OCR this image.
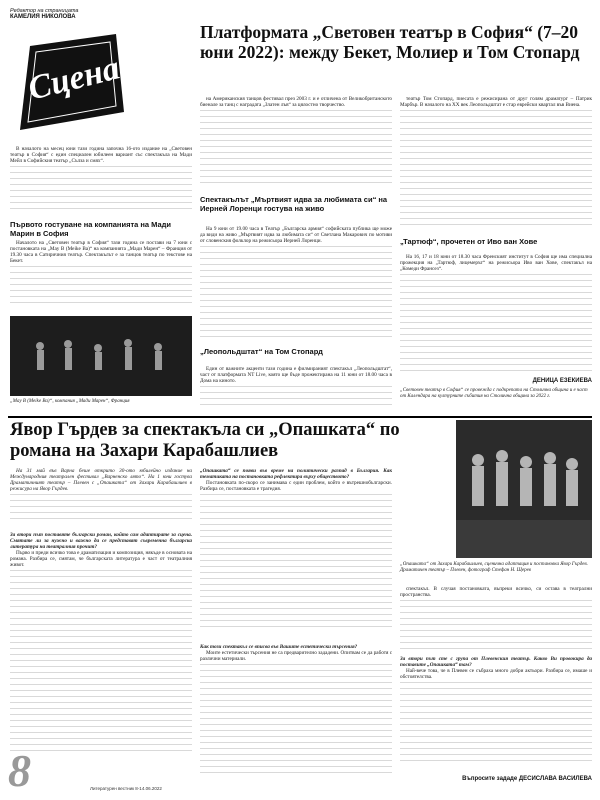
Редактор на страницата
КАМЕЛИЯ НИКОЛОВА
Сцена
Платформата „Световен театър в София“ (7–20 юни 2022): между Бекет, Молиер и Том Стопард

В началото на месец юни тази година започна 16-ото издание на „Световен театър в София“ с един специален юбилеен вариант със спектакъла на Мади Мейл в Софийския театър „Сълза и смях“.

Първото гостуване на компанията на Мади Марин в София

Началото на „Световен театър в София“ тази година се постави на 7 юни с постановката на „May B (Meike Ba)“ на компанията „Мади Марен“ – Франция от 19.30 часа в Сатиричния театър. Спектакълът е за танцов театър по текстове на Бекет.

„May B (Meike Ba)“, компания „Мади Марен“, Франция

на Американския танцов фестивал през 2003 г. и е отличена от Великобританското биенале за танц с наградата „Златен лъв“ за цялостно творчество.

Спектакълът „Мъртвият идва за любимата си“ на Иерней Лоренци гостува на живо

На 9 юни от 19.00 часа в Театър „Българска армия“ софийската публика ще може да види на живо „Мъртвият идва за любимата си“ от Светлана Макарович по мотиви от словенския фолклор на режисьора Иерней Лоренци.

„Леопольдштат“ на Том Стопард

Един от важните акценти тази година е филмираният спектакъл „Леопольдштат“, част от платформата NT Live, която ще бъде прожектирана на 11 юни от 18.00 часа в Дома на киното.

театър Том Стопард, пиесата е режисирана от друг голям драматург – Патрик Марбър. В началото на XX век Леопольдштат е стар еврейски квартал във Виена.

„Тартюф“, прочетен от Иво ван Хове

На 16, 17 и 18 юни от 18.30 часа Френският институт в София ще има специална прожекция на „Тартюф, лицемерът“ на режисьора Иво ван Хове, спектакъл на „Комеди Франсез“.

ДЕНИЦА ЕЗЕКИЕВА
„Световен театър в София“ се провежда с подкрепата на Столична община и е част от Календара на културните събития на Столична община за 2022 г.
Явор Гърдев за спектакъла си „Опашката“ по романа на Захари Карабашлиев
„Опашката“ от Захари Карабашлиев, сценична адаптация и постановка Явор Гърдев. Драматичен театър – Плевен, фотограф Стефан Н. Щерев

На 31 май във Варна беше открито 30-ото юбилейно издание на Международния театрален фестивал „Варненско лято“. На 1 юни гостува Драматичният театър – Плевен с „Опашката“ от Захари Карабашлиев в режисура на Явор Гърдев.

За втори път поставяте български роман, който сам адаптирате за сцена. Смятате ли за нужно и важно да се представят съвременна българска литература на театралния прочит?

Първо и преди всичко това е драматизация и композиция, някъде в основата на романа. Разбира се, смятам, че българската литература е част от театралния живот.

„Опашката“ се появи във време на политически разпад в България. Как тематиката на постановката рефлектира върху обществото?

Постановката по-скоро се занимава с един проблем, който е вътрешнобългарски. Разбира се, постановката е трагедия.

Как този спектакъл се вписва във Вашите естетически търсения?

Моите естетически търсения не са предварително зададени. Опитвам се да работя с различни материали.

спектакъл. В случая постановката, въпреки всичко, си остава в театрални пространства.

За втори път сте с група от Плевенския театър. Какво Ви провокира да поставите „Опашката“ там?

Най-вече това, че в Плевен се събраха много добри актьори. Разбира се, имаше и обстоятелства.

Въпросите зададе ДЕСИСЛАВА ВАСИЛЕВА
8	Литературен вестник 8-14.06.2022
